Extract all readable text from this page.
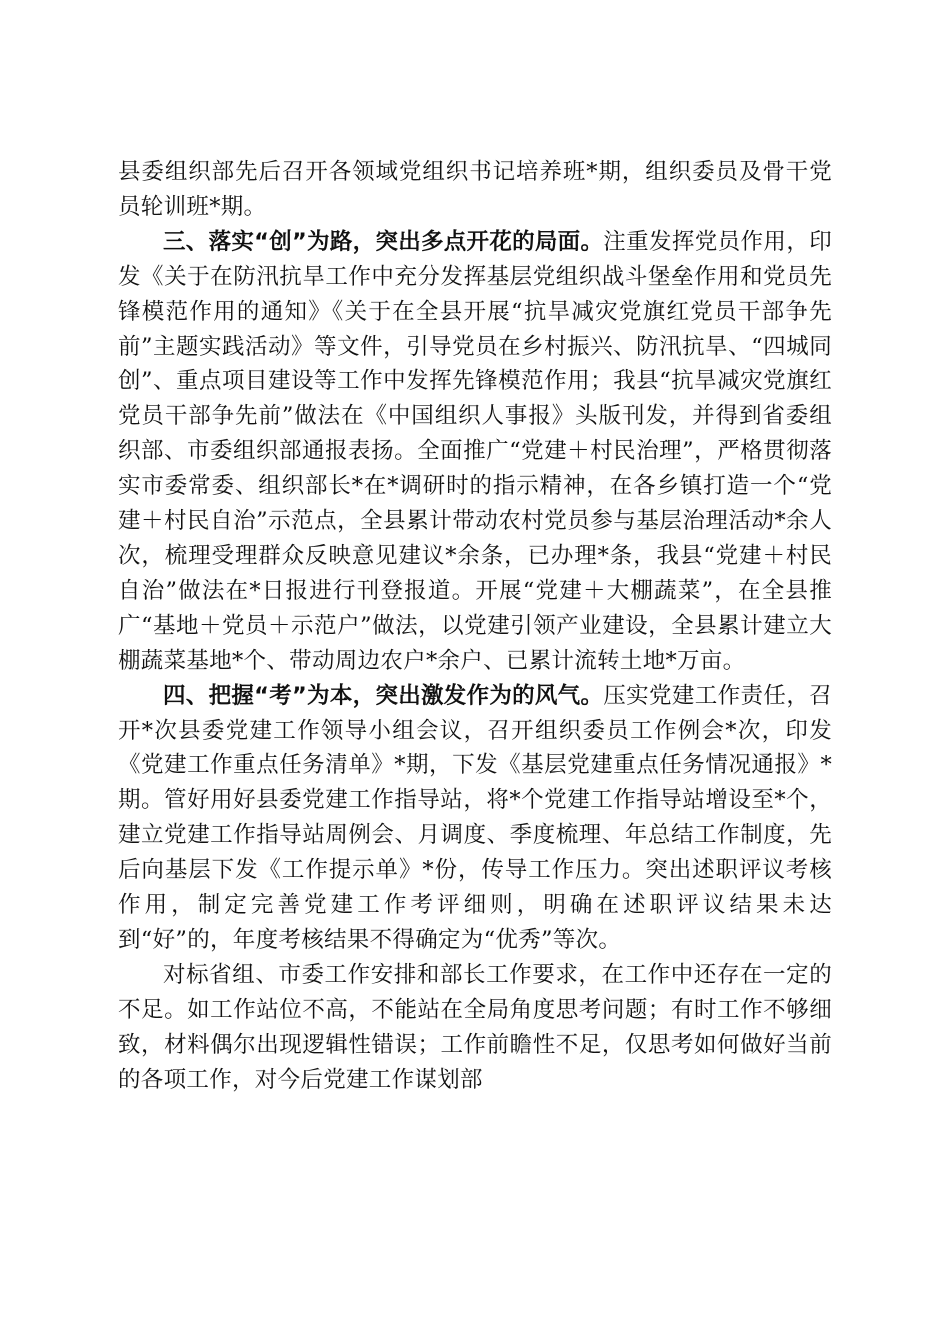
县委组织部先后召开各领域党组织书记培养班*期，组织委员及骨干党员轮训班*期。

三、落实“创”为路，突出多点开花的局面。注重发挥党员作用，印发《关于在防汛抗旱工作中充分发挥基层党组织战斗堡垒作用和党员先锋模范作用的通知》《关于在全县开展“抗旱减灾党旗红党员干部争先前”主题实践活动》等文件，引导党员在乡村振兴、防汛抗旱、“四城同创”、重点项目建设等工作中发挥先锋模范作用；我县“抗旱减灾党旗红党员干部争先前”做法在《中国组织人事报》头版刊发，并得到省委组织部、市委组织部通报表扬。全面推广“党建＋村民治理”，严格贯彻落实市委常委、组织部长*在*调研时的指示精神，在各乡镇打造一个“党建＋村民自治”示范点，全县累计带动农村党员参与基层治理活动*余人次，梳理受理群众反映意见建议*余条，已办理*条，我县“党建＋村民自治”做法在*日报进行刊登报道。开展“党建＋大棚蔬菜”，在全县推广“基地＋党员＋示范户”做法，以党建引领产业建设，全县累计建立大棚蔬菜基地*个、带动周边农户*余户、已累计流转土地*万亩。

四、把握“考”为本，突出激发作为的风气。压实党建工作责任，召开*次县委党建工作领导小组会议，召开组织委员工作例会*次，印发《党建工作重点任务清单》*期，下发《基层党建重点任务情况通报》*期。管好用好县委党建工作指导站，将*个党建工作指导站增设至*个，建立党建工作指导站周例会、月调度、季度梳理、年总结工作制度，先后向基层下发《工作提示单》*份，传导工作压力。突出述职评议考核作用，制定完善党建工作考评细则，明确在述职评议结果未达到“好”的，年度考核结果不得确定为“优秀”等次。

对标省组、市委工作安排和部长工作要求，在工作中还存在一定的不足。如工作站位不高，不能站在全局角度思考问题；有时工作不够细致，材料偶尔出现逻辑性错误；工作前瞻性不足，仅思考如何做好当前的各项工作，对今后党建工作谋划部
